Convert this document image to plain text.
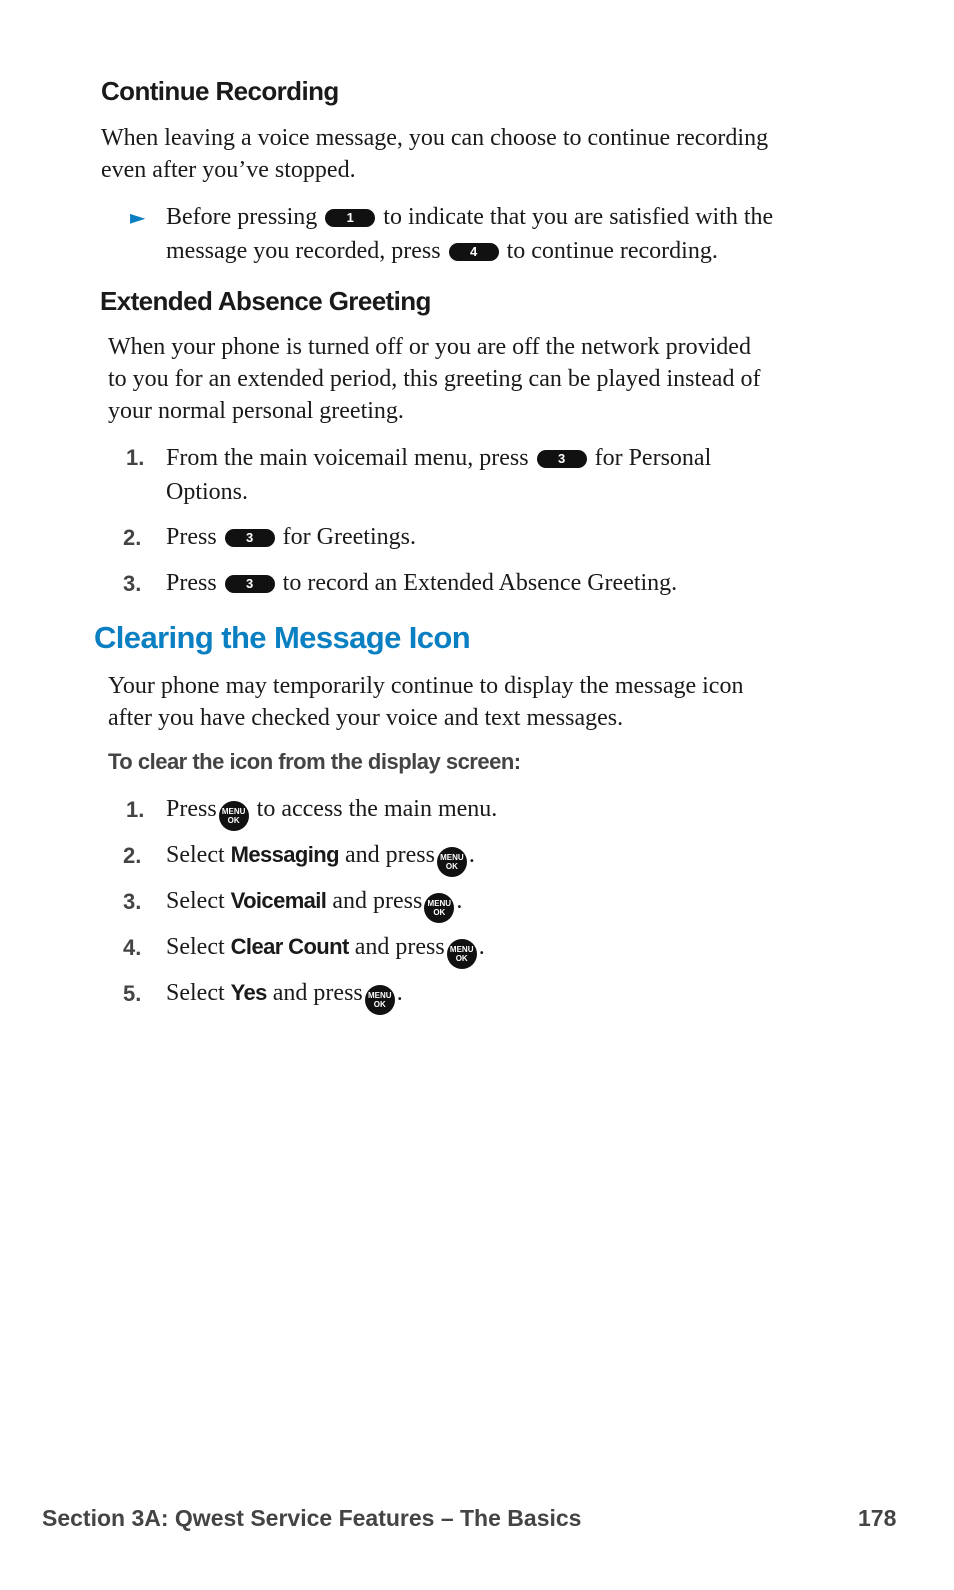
Continue Recording

When leaving a voice message, you can choose to continue recording
even after you’ve stopped.

► Before pressing 1 to indicate that you are satisfied with the
message you recorded, press 4 to continue recording.

Extended Absence Greeting

When your phone is turned off or you are off the network provided
to you for an extended period, this greeting can be played instead of
your normal personal greeting.

1. From the main voicemail menu, press 3 for Personal
Options.

2. Press 3 for Greetings.

3. Press 3 to record an Extended Absence Greeting.

Clearing the Message Icon

Your phone may temporarily continue to display the message icon
after you have checked your voice and text messages.

To clear the icon from the display screen:

1. Press MENU
OK to access the main menu.

2. Select Messaging and press MENU
OK .

3. Select Voicemail and press MENU
OK .

4. Select Clear Count and press MENU
OK .

5. Select Yes and press MENU
OK .

Section 3A: Qwest Service Features – The Basics	178
